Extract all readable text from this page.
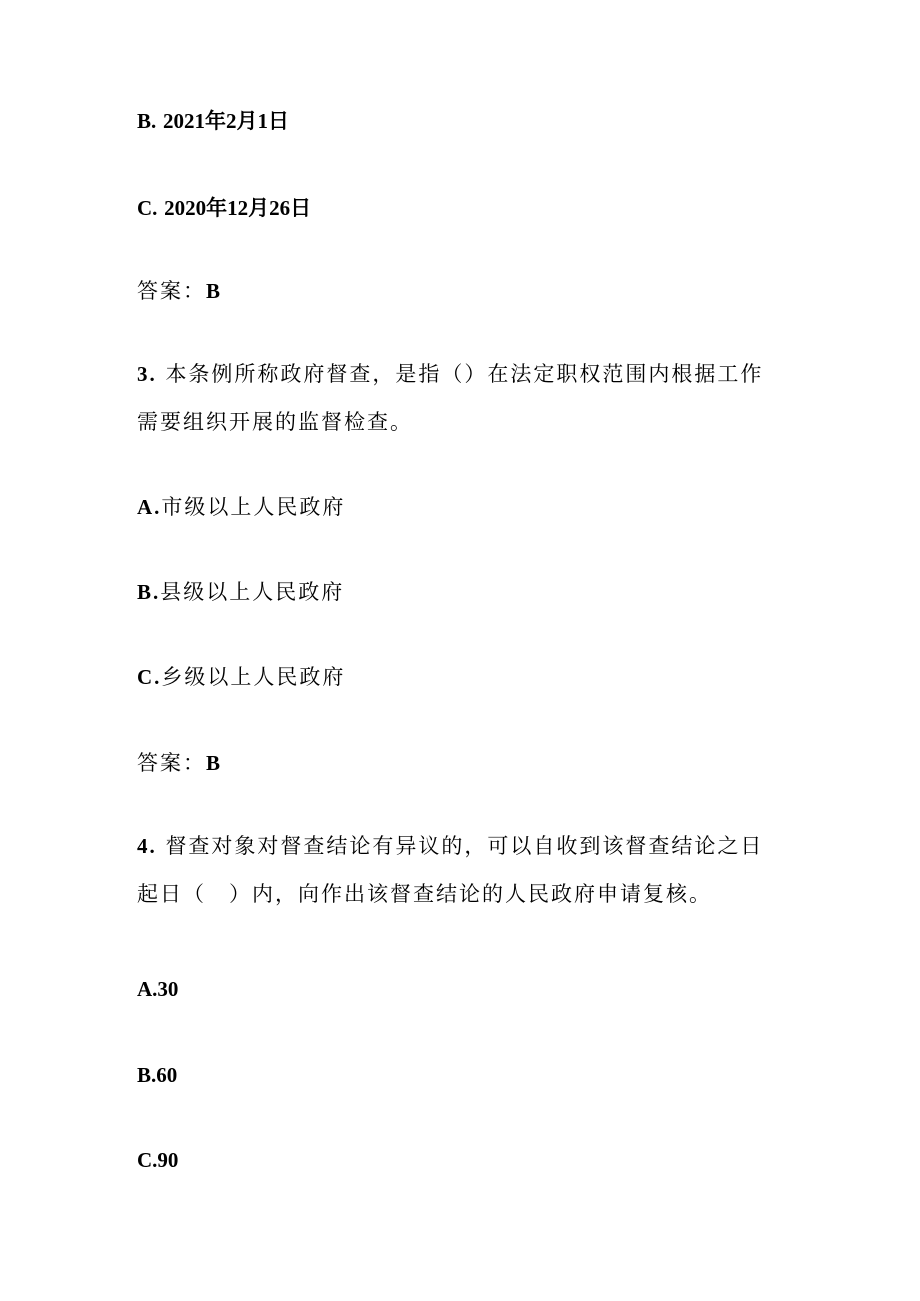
B. 2021年2月1日

C. 2020年12月26日

答案：B

3. 本条例所称政府督查，是指（）在法定职权范围内根据工作

需要组织开展的监督检查。

A.市级以上人民政府

B.县级以上人民政府

C.乡级以上人民政府

答案：B

4. 督查对象对督查结论有异议的，可以自收到该督查结论之日

起日（　）内，向作出该督查结论的人民政府申请复核。

A.30

B.60

C.90
